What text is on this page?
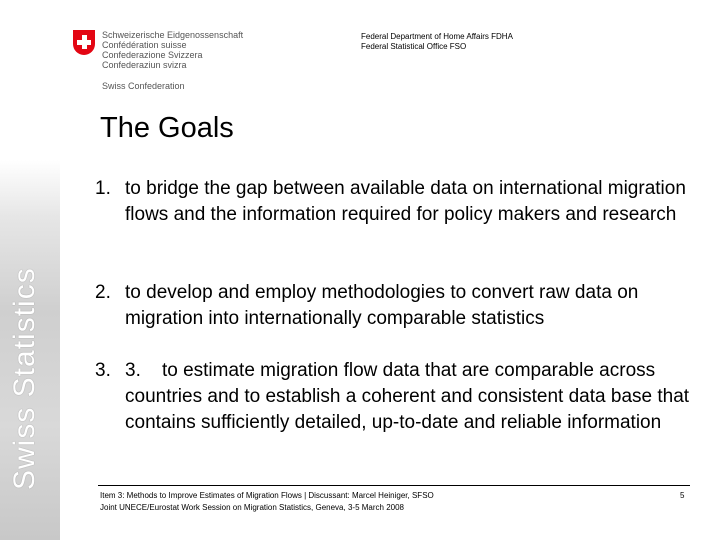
Swiss Statistics
Schweizerische Eidgenossenschaft
Confédération suisse
Confederazione Svizzera
Confederaziun svizra
Swiss Confederation
Federal Department of Home Affairs FDHA
Federal Statistical Office FSO
The Goals
1. to bridge the gap between available data on international migration flows and the information required for policy makers and research
2. to develop and employ methodologies to convert raw data on migration into internationally comparable statistics
3. 3.    to estimate migration flow data that are comparable across countries and to establish a coherent and consistent data base that contains sufficiently detailed, up-to-date and reliable information
Item 3: Methods to Improve Estimates of Migration Flows | Discussant: Marcel Heiniger, SFSO
Joint UNECE/Eurostat Work Session on Migration Statistics, Geneva, 3-5 March 2008
5
